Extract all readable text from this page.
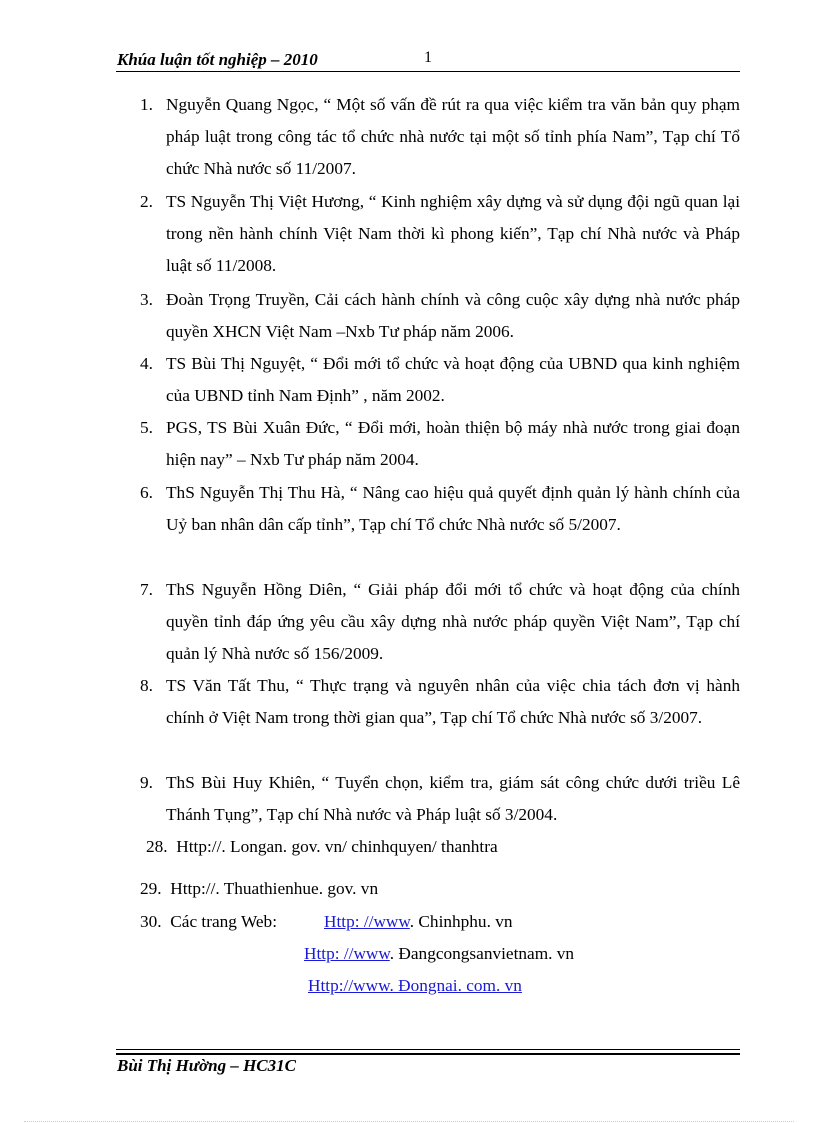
Khúa luận tốt nghiệp – 2010	1
1. Nguyễn Quang Ngọc, “ Một số vấn đề rút ra qua việc kiểm tra văn bản quy phạm pháp luật trong công tác tổ chức nhà nước tại một số tỉnh phía Nam”, Tạp chí Tổ chức Nhà nước số 11/2007.
2. TS Nguyễn Thị Việt Hương, “ Kinh nghiệm xây dựng và sử dụng đội ngũ quan lại trong nền hành chính Việt Nam thời kì phong kiến”, Tạp chí Nhà nước và Pháp luật số 11/2008.
3. Đoàn Trọng Truyền, Cải cách hành chính và công cuộc xây dựng nhà nước pháp quyền XHCN Việt Nam –Nxb Tư pháp năm 2006.
4. TS Bùi Thị Nguyệt, “ Đổi mới tổ chức và hoạt động của UBND qua kinh nghiệm của UBND tỉnh Nam Định” , năm 2002.
5. PGS, TS Bùi Xuân Đức, “ Đổi mới, hoàn thiện bộ máy nhà nước trong giai đoạn hiện nay” – Nxb Tư pháp năm 2004.
6. ThS Nguyễn Thị Thu Hà, “ Nâng cao hiệu quả quyết định quản lý hành chính của Uỷ ban nhân dân cấp tỉnh”, Tạp chí Tổ chức Nhà nước số 5/2007.
7. ThS Nguyễn Hồng Diên, “ Giải pháp đổi mới tổ chức và hoạt động của chính quyền tỉnh đáp ứng yêu cầu xây dựng nhà nước pháp quyền Việt Nam”, Tạp chí quản lý Nhà nước số 156/2009.
8. TS Văn Tất Thu, “ Thực trạng và nguyên nhân của việc chia tách đơn vị hành chính ở Việt Nam trong thời gian qua”, Tạp chí Tổ chức Nhà nước số 3/2007.
9. ThS Bùi Huy Khiên, “ Tuyển chọn, kiểm tra, giám sát công chức dưới triều Lê Thánh Tụng”, Tạp chí Nhà nước và Pháp luật số 3/2004.
28. Http://. Longan. gov. vn/ chinhquyen/ thanhtra
29. Http://. Thuathienhue. gov. vn
30. Các trang Web:	Http: //www. Chinhphu. vn
Http: //www. Đangcongsanvietnam. vn
Http://www. Đongnai. com. vn
Bùi Thị Hường – HC31C
